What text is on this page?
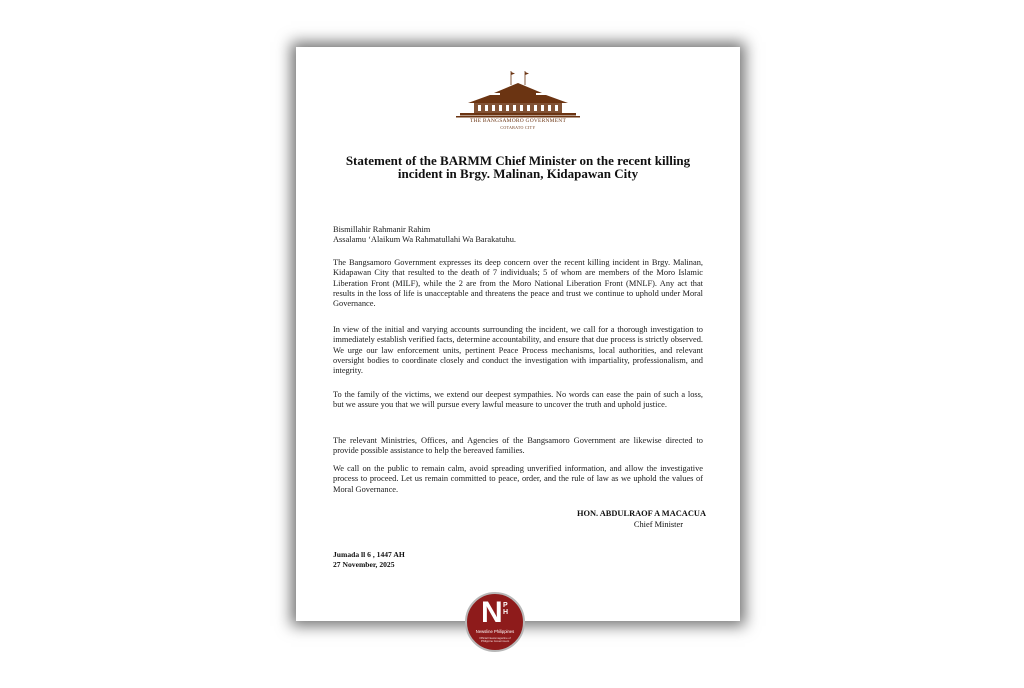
THE BANGSAMORO GOVERNMENT
COTABATO CITY
Statement of the BARMM Chief Minister on the recent killing incident in Brgy. Malinan, Kidapawan City
Bismillahir Rahmanir Rahim
Assalamu ‘Alaikum Wa Rahmatullahi Wa Barakatuhu.
The Bangsamoro Government expresses its deep concern over the recent killing incident in Brgy. Malinan, Kidapawan City that resulted to the death of 7 individuals; 5 of whom are members of the Moro Islamic Liberation Front (MILF), while the 2 are from the Moro National Liberation Front (MNLF). Any act that results in the loss of life is unacceptable and threatens the peace and trust we continue to uphold under Moral Governance.
In view of the initial and varying accounts surrounding the incident, we call for a thorough investigation to immediately establish verified facts, determine accountability, and ensure that due process is strictly observed. We urge our law enforcement units, pertinent Peace Process mechanisms, local authorities, and relevant oversight bodies to coordinate closely and conduct the investigation with impartiality, professionalism, and integrity.
To the family of the victims, we extend our deepest sympathies. No words can ease the pain of such a loss, but we assure you that we will pursue every lawful measure to uncover the truth and uphold justice.
The relevant Ministries, Offices, and Agencies of the Bangsamoro Government are likewise directed to provide possible assistance to help the bereaved families.
We call on the public to remain calm, avoid spreading unverified information, and allow the investigative process to proceed. Let us remain committed to peace, order, and the rule of law as we uphold the values of Moral Governance.
HON. ABDULRAOF A MACACUA
Chief Minister
Jumada ll 6 , 1447 AH
27 November, 2025
N PH
Newsline Philippines
Official Newsmagazine of Philippine Government
